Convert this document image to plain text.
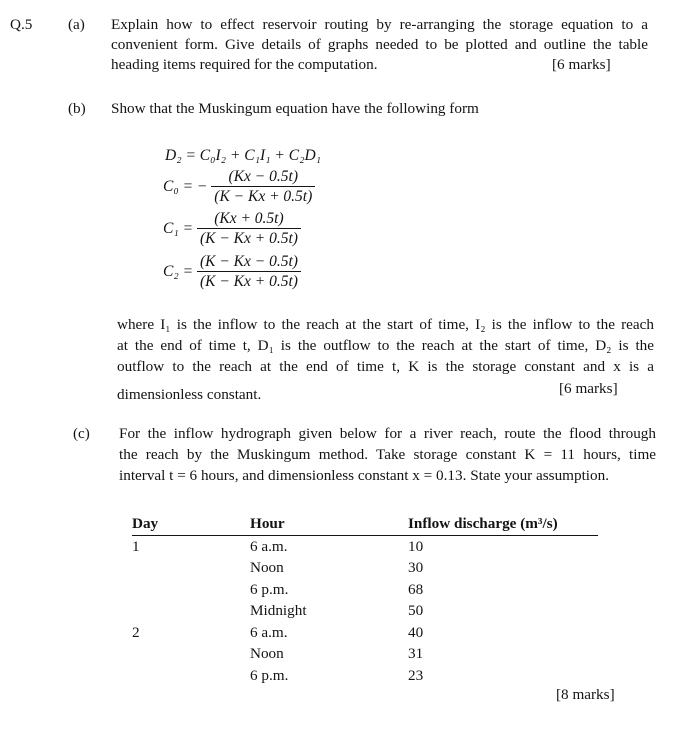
Q.5 (a) Explain how to effect reservoir routing by re-arranging the storage equation to a
convenient form. Give details of graphs needed to be plotted and outline the table
heading items required for the computation.	[6 marks]
(b) Show that the Muskingum equation have the following form
D₂ = C₀I₂ + C₁I₁ + C₂D₁
C₀ = − $\frac{(Kx - 0.5t)}{(K - Kx + 0.5t)}$
$C_1 = \frac{(Kx + 0.5t)}{(K - Kx + 0.5t)}$
$C_2 = \frac{(K - Kx - 0.5t)}{(K - Kx + 0.5t)}$
where I₁ is the inflow to the reach at the start of time, I₂ is the inflow to the reach
at the end of time t, D₁ is the outflow to the reach at the start of time, D₂ is the
outflow to the reach at the end of time t, K is the storage constant and x is a
dimensionless constant.	[6 marks]
(c) For the inflow hydrograph given below for a river reach, route the flood through
the reach by the Muskingum method. Take storage constant K = 11 hours, time
interval t = 6 hours, and dimensionless constant x = 0.13. State your assumption.
Day	Hour	Inflow discharge (m³/s)
1	6 a.m.	10
	Noon	30
	6 p.m.	68
	Midnight	50
2	6 a.m.	40
	Noon	31
	6 p.m.	23
[8 marks]
